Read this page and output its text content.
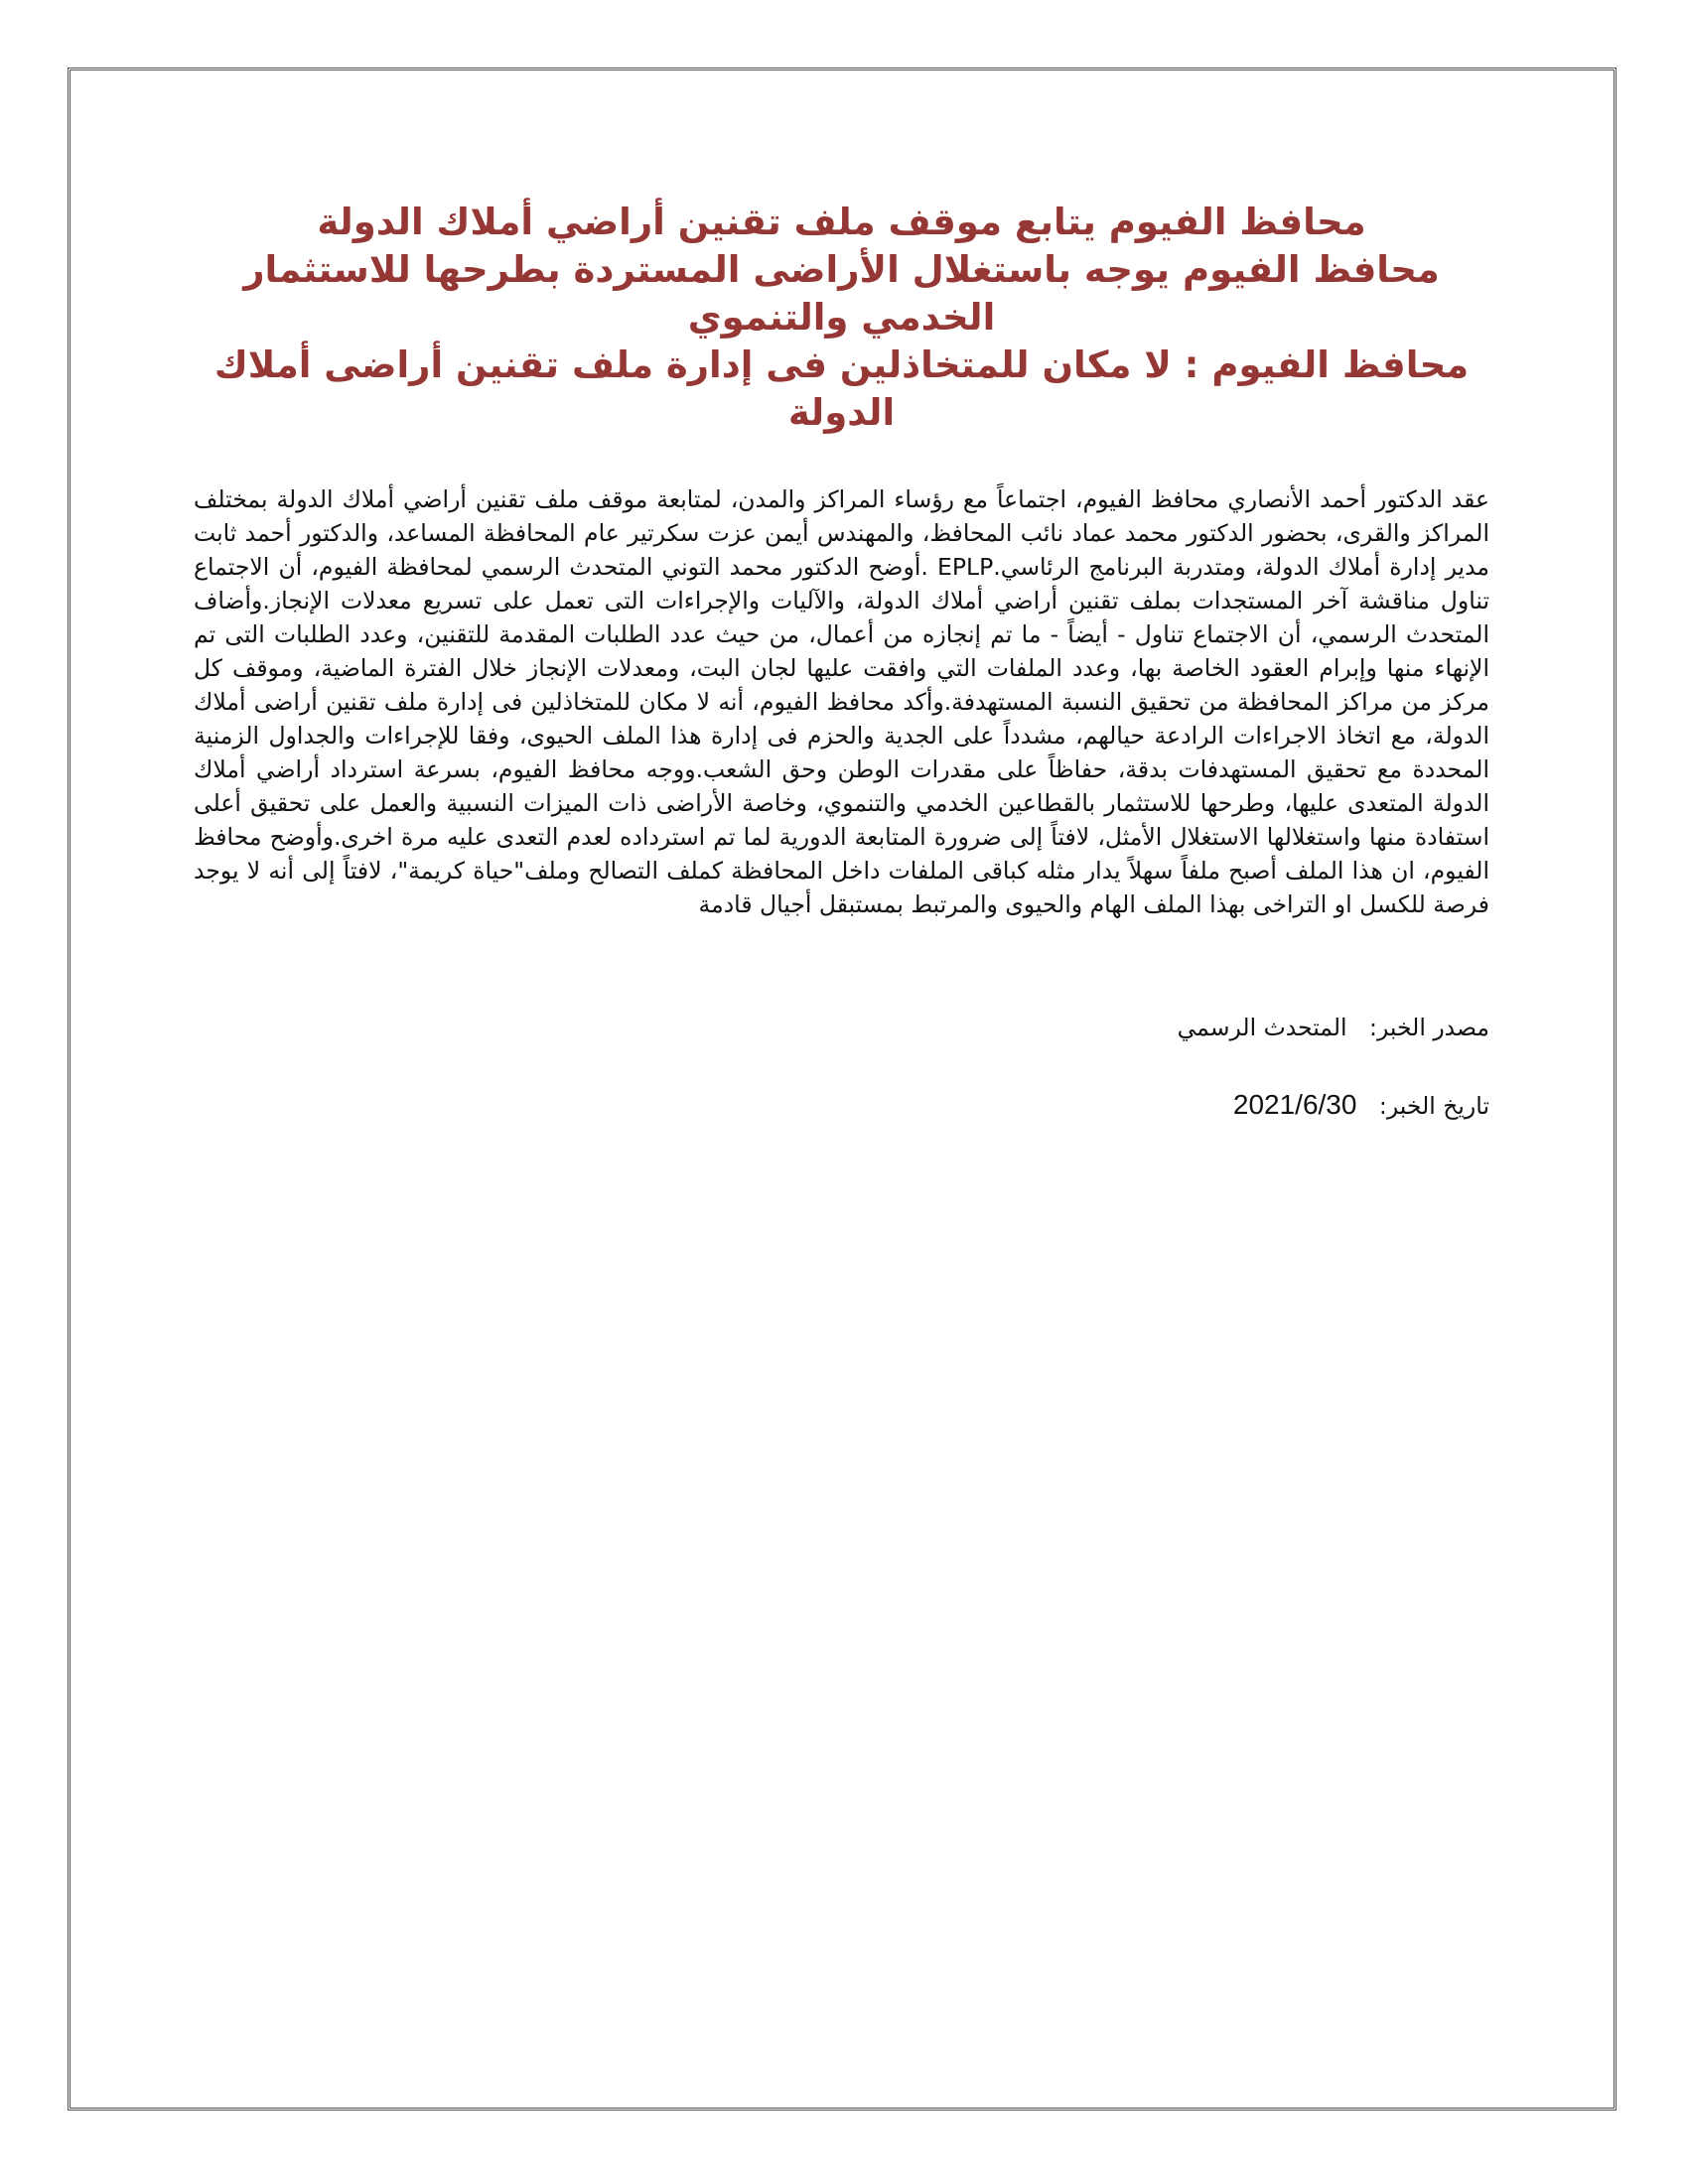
محافظ الفيوم يتابع موقف ملف تقنين أراضي أملاك الدولة
محافظ الفيوم يوجه باستغلال الأراضى المستردة بطرحها للاستثمار الخدمي والتنموي
محافظ الفيوم : لا مكان للمتخاذلين فى إدارة ملف تقنين أراضى أملاك الدولة
عقد الدكتور أحمد الأنصاري محافظ الفيوم، اجتماعاً مع رؤساء المراكز والمدن، لمتابعة موقف ملف تقنين أراضي أملاك الدولة بمختلف المراكز والقرى، بحضور الدكتور محمد عماد نائب المحافظ، والمهندس أيمن عزت سكرتير عام المحافظة المساعد، والدكتور أحمد ثابت مدير إدارة أملاك الدولة، ومتدربة البرنامج الرئاسي.EPLP .أوضح الدكتور محمد التوني المتحدث الرسمي لمحافظة الفيوم، أن الاجتماع تناول مناقشة آخر المستجدات بملف تقنين أراضي أملاك الدولة، والآليات والإجراءات التى تعمل على تسريع معدلات الإنجاز.وأضاف المتحدث الرسمي، أن الاجتماع تناول - أيضاً - ما تم إنجازه من أعمال، من حيث عدد الطلبات المقدمة للتقنين، وعدد الطلبات التى تم الإنهاء منها وإبرام العقود الخاصة بها، وعدد الملفات التي وافقت عليها لجان البت، ومعدلات الإنجاز خلال الفترة الماضية، وموقف كل مركز من مراكز المحافظة من تحقيق النسبة المستهدفة.وأكد محافظ الفيوم، أنه لا مكان للمتخاذلين فى إدارة ملف تقنين أراضى أملاك الدولة، مع اتخاذ الاجراءات الرادعة حيالهم، مشدداً على الجدية والحزم فى إدارة هذا الملف الحيوى، وفقا للإجراءات والجداول الزمنية المحددة مع تحقيق المستهدفات بدقة، حفاظاً على مقدرات الوطن وحق الشعب.ووجه محافظ الفيوم، بسرعة استرداد أراضي أملاك الدولة المتعدى عليها، وطرحها للاستثمار بالقطاعين الخدمي والتنموي، وخاصة الأراضى ذات الميزات النسبية والعمل على تحقيق أعلى استفادة منها واستغلالها الاستغلال الأمثل، لافتاً إلى ضرورة المتابعة الدورية لما تم استرداده لعدم التعدى عليه مرة اخرى.وأوضح محافظ الفيوم، ان هذا الملف أصبح ملفاً سهلاً يدار مثله كباقى الملفات داخل المحافظة كملف التصالح وملف"حياة كريمة"، لافتاً إلى أنه لا يوجد فرصة للكسل او التراخى بهذا الملف الهام والحيوى والمرتبط بمستبقل أجيال قادمة
مصدر الخبر:   المتحدث الرسمي
تاريخ الخبر:   2021/6/30
